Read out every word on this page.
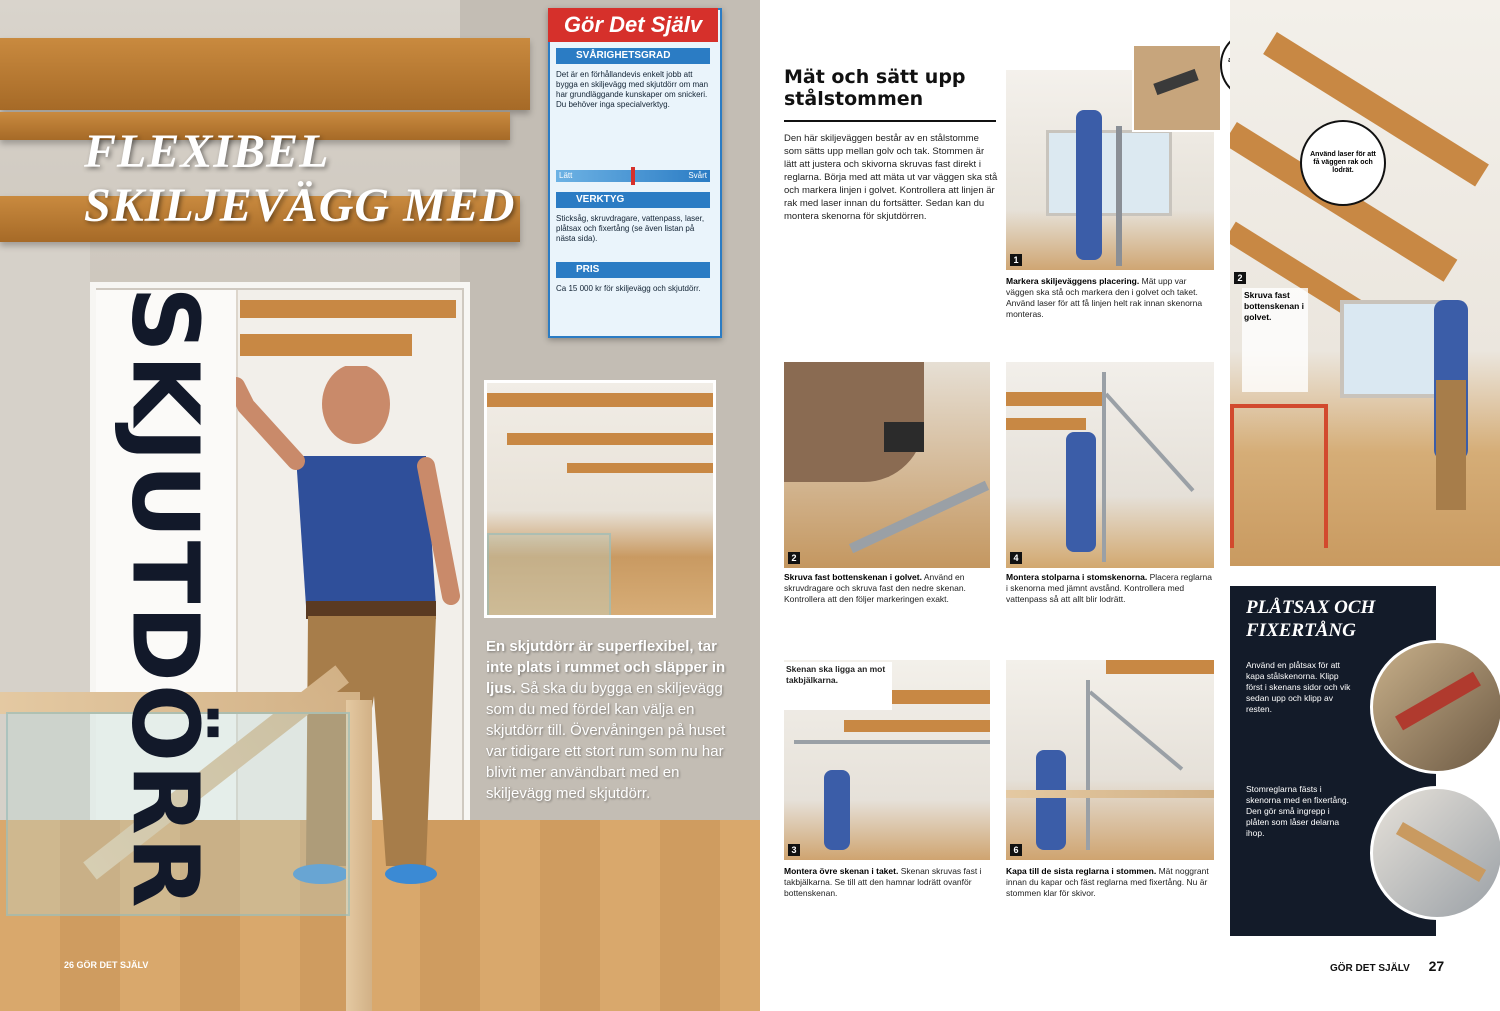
FLEXIBEL
SKILJEVÄGG MED
SKJUTDÖRR
Gör Det Själv
SVÅRIGHETSGRAD
Det är en förhållandevis enkelt jobb att bygga en skiljevägg med skjutdörr om man har grundläggande kunskaper om snickeri. Du behöver inga specialverktyg.
Lätt	Svårt
VERKTYG
Sticksåg, skruvdragare, vattenpass, laser, plåtsax och fixertång (se även listan på nästa sida).
PRIS
Ca 15 000 kr för skiljevägg och skjutdörr.
En skjutdörr är superflexibel, tar inte plats i rummet och släpper in ljus. Så ska du bygga en skiljevägg som du med fördel kan välja en skjutdörr till. Övervåningen på huset var tidigare ett stort rum som nu har blivit mer användbart med en skiljevägg med skjutdörr.
26 GÖR DET SJÄLV
Mät och sätt upp
stålstommen
Den här skiljeväggen består av en stålstomme som sätts upp mellan golv och tak. Stommen är lätt att justera och skivorna skruvas fast direkt i reglarna. Börja med att mäta ut var väggen ska stå och markera linjen i golvet. Kontrollera att linjen är rak med laser innan du fortsätter. Sedan kan du montera skenorna för skjutdörren.
1
Markera skiljeväggens placering. Mät upp var väggen ska stå och markera den i golvet och taket. Använd laser för att få linjen helt rak innan skenorna monteras.
2
Använd laser för att få väggen rak och lodrät.
Skruva fast bottenskenan i golvet.
2
Skruva fast bottenskenan i golvet. Använd en skruvdragare och skruva fast den nedre skenan. Kontrollera att den följer markeringen exakt.
4
Montera stolparna i stomskenorna. Placera reglarna i skenorna med jämnt avstånd. Kontrollera med vattenpass så att allt blir lodrätt.
3
Skenan ska ligga an mot takbjälkarna.
Montera övre skenan i taket. Skenan skruvas fast i takbjälkarna. Se till att den hamnar lodrätt ovanför bottenskenan.
6
Kapa till de sista reglarna i stommen. Mät noggrant innan du kapar och fäst reglarna med fixertång. Nu är stommen klar för skivor.
PLÅTSAX OCH
FIXERTÅNG
Använd en plåtsax för att kapa stålskenorna. Klipp först i skenans sidor och vik sedan upp och klipp av resten.
Stomreglarna fästs i skenorna med en fixertång. Den gör små ingrepp i plåten som låser delarna ihop.
GÖR DET SJÄLV 27
